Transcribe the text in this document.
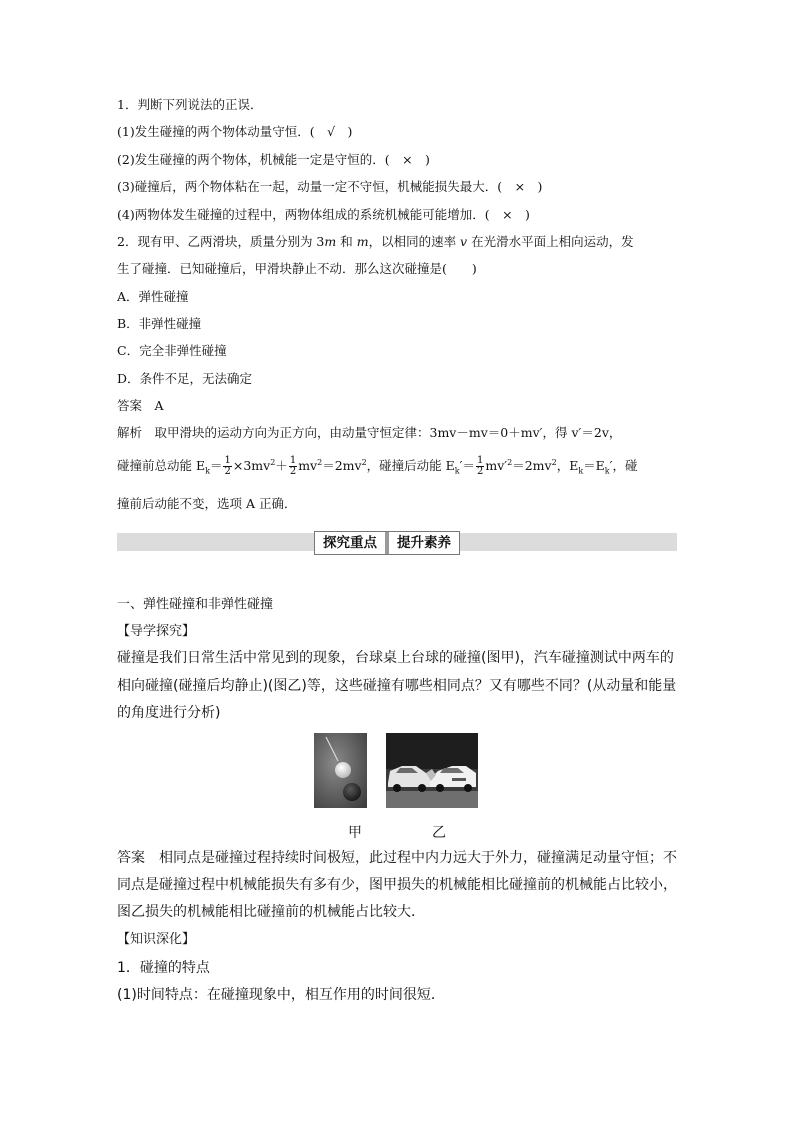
1．判断下列说法的正误．
(1)发生碰撞的两个物体动量守恒．(　√　)
(2)发生碰撞的两个物体，机械能一定是守恒的．(　×　)
(3)碰撞后，两个物体粘在一起，动量一定不守恒，机械能损失最大．(　×　)
(4)两物体发生碰撞的过程中，两物体组成的系统机械能可能增加．(　×　)
2．现有甲、乙两滑块，质量分别为 3m 和 m，以相同的速率 v 在光滑水平面上相向运动，发
生了碰撞．已知碰撞后，甲滑块静止不动．那么这次碰撞是(　　)
A．弹性碰撞
B．非弹性碰撞
C．完全非弹性碰撞
D．条件不足，无法确定
答案　A
解析　取甲滑块的运动方向为正方向，由动量守恒定律：3mv－mv＝0＋mv′，得 v′＝2v，
碰撞前总动能 $E_k= \frac{1}{2} \times 3mv^2+ \frac{1}{2} mv^2=2mv^2$，碰撞后动能 $E_k'= \frac{1}{2} mv'^2=2mv^2$，$E_k=E_k'$，碰
撞前后动能不变，选项 A 正确．
探究重点	提升素养
一、弹性碰撞和非弹性碰撞
【导学探究】
碰撞是我们日常生活中常见到的现象，台球桌上台球的碰撞(图甲)，汽车碰撞测试中两车的
相向碰撞(碰撞后均静止)(图乙)等，这些碰撞有哪些相同点？又有哪些不同？(从动量和能量
的角度进行分析)
甲	乙
答案　相同点是碰撞过程持续时间极短，此过程中内力远大于外力，碰撞满足动量守恒；不
同点是碰撞过程中机械能损失有多有少，图甲损失的机械能相比碰撞前的机械能占比较小，
图乙损失的机械能相比碰撞前的机械能占比较大．
【知识深化】
1．碰撞的特点
(1)时间特点：在碰撞现象中，相互作用的时间很短．
